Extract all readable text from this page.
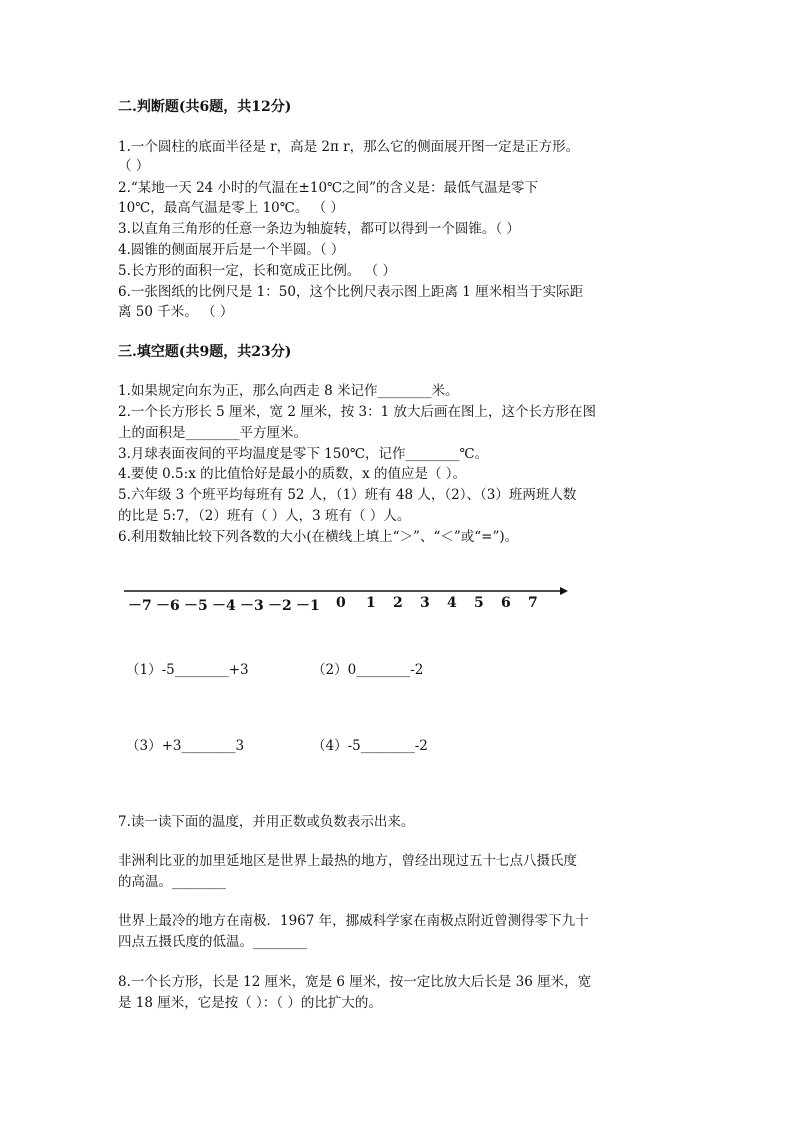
二.判断题(共6题，共12分)
1.一个圆柱的底面半径是 r，高是 2π r，那么它的侧面展开图一定是正方形。
（ ）
2.“某地一天 24 小时的气温在±10℃之间”的含义是：最低气温是零下
10℃，最高气温是零上 10℃。 （ ）
3.以直角三角形的任意一条边为轴旋转，都可以得到一个圆锥。（ ）
4.圆锥的侧面展开后是一个半圆。（ ）
5.长方形的面积一定，长和宽成正比例。 （ ）
6.一张图纸的比例尺是 1：50，这个比例尺表示图上距离 1 厘米相当于实际距
离 50 千米。 （ ）
三.填空题(共9题，共23分)
1.如果规定向东为正，那么向西走 8 米记作________米。
2.一个长方形长 5 厘米，宽 2 厘米，按 3：1 放大后画在图上，这个长方形在图
上的面积是________平方厘米。
3.月球表面夜间的平均温度是零下 150℃，记作________℃。
4.要使 0.5:x 的比值恰好是最小的质数，x 的值应是（ ）。
5.六年级 3 个班平均每班有 52 人，（1）班有 48 人，（2）、（3）班两班人数
的比是 5:7，（2）班有（ ）人，3 班有（ ）人。
6.利用数轴比较下列各数的大小(在横线上填上“＞”、“＜”或“=”)。
－7 －6 －5 －4 －3 －2 －1 0 1 2 3 4 5 6 7
（1）-5________+3	（2）0________-2
（3）+3________3	（4）-5________-2
7.读一读下面的温度，并用正数或负数表示出来。
非洲利比亚的加里延地区是世界上最热的地方，曾经出现过五十七点八摄氏度
的高温。________
世界上最冷的地方在南极．1967 年，挪威科学家在南极点附近曾测得零下九十
四点五摄氏度的低温。________
8.一个长方形，长是 12 厘米，宽是 6 厘米，按一定比放大后长是 36 厘米，宽
是 18 厘米，它是按（ ）：（ ）的比扩大的。
